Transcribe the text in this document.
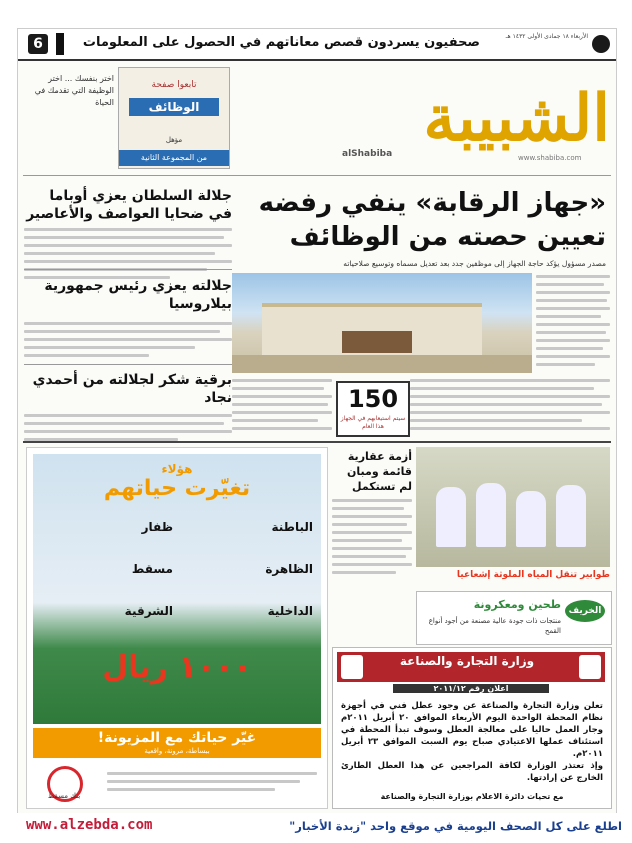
6	صحفيون يسردون قصص معاناتهم في الحصول على المعلومات	الأربعاء ١٨ جمادى الأولى ١٤٣٢ هـ
تابعوا صفحة
الوظائف
مؤهل
من المجموعة الثانية
اختر بنفسك ... اختر الوظيفة التي تقدمك في الحياة	الشبيبة
alShabiba	www.shabiba.com
«جهاز الرقابة» ينفي رفضه
تعيين حصته من الوظائف
مصدر مسؤول يؤكد حاجة الجهاز إلى موظفين جدد بعد تعديل مسماه وتوسيع صلاحياته
جلالة السلطان يعزي أوباما في ضحايا العواصف والأعاصير
جلالته يعزي رئيس جمهورية بيلاروسيا
برقية شكر لجلالته من أحمدي نجاد	150
سيتم استيعابهم في الجهاز هذا العام
هؤلاء
تغيّرت حياتهم
الباطنة
ظفار
الظاهرة
مسقط
الداخلية
الشرقية
١٠٠٠ ريال
غيّر حياتك مع المزيونة!
ببساطة، مرونة، واقعية
بنك مسقط
أزمة عقارية قائمة ومبان لم تستكمل
طوابير تنقل المياه الملوثة إشعاعيا
الخريف
طحين ومعكرونة
منتجات ذات جودة عالية مصنعة من أجود أنواع القمح
وزارة التجارة والصناعة
اعلان رقم ٢٠١١/١٢
تعلن وزارة التجارة والصناعة عن وجود عطل فني في أجهزة نظام المحطة الواحدة اليوم الأربعاء الموافق ٢٠ أبريل ٢٠١١م وجار العمل حاليا على معالجة العطل وسوف تبدأ المحطة في استئناف عملها الاعتيادي صباح يوم السبت الموافق ٢٣ أبريل ٢٠١١م.
وإذ تعتذر الوزارة لكافة المراجعين عن هذا العطل الطارئ الخارج عن إرادتها.
مع تحيات دائرة الاعلام بوزارة التجارة والصناعة
www.alzebda.com	اطلع على كل الصحف اليومية في موقع واحد "زبدة الأخبار"
